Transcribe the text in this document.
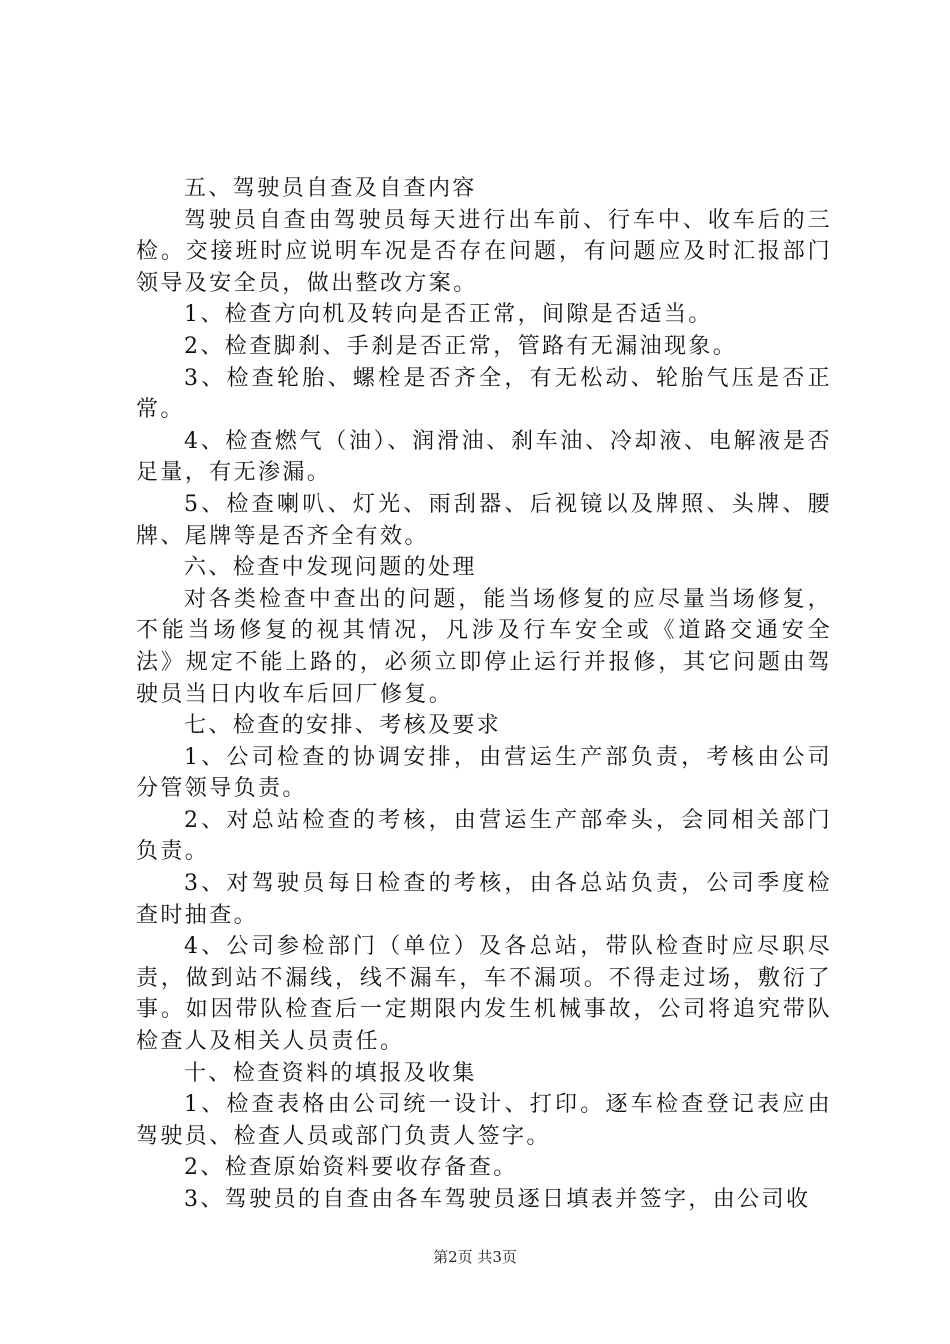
五、驾驶员自查及自查内容

驾驶员自查由驾驶员每天进行出车前、行车中、收车后的三检。交接班时应说明车况是否存在问题，有问题应及时汇报部门领导及安全员，做出整改方案。

1、检查方向机及转向是否正常，间隙是否适当。

2、检查脚刹、手刹是否正常，管路有无漏油现象。

3、检查轮胎、螺栓是否齐全，有无松动、轮胎气压是否正常。

4、检查燃气（油）、润滑油、刹车油、冷却液、电解液是否足量，有无渗漏。

5、检查喇叭、灯光、雨刮器、后视镜以及牌照、头牌、腰牌、尾牌等是否齐全有效。

六、检查中发现问题的处理

对各类检查中查出的问题，能当场修复的应尽量当场修复，不能当场修复的视其情况，凡涉及行车安全或《道路交通安全法》规定不能上路的，必须立即停止运行并报修，其它问题由驾驶员当日内收车后回厂修复。

七、检查的安排、考核及要求

1、公司检查的协调安排，由营运生产部负责，考核由公司分管领导负责。

2、对总站检查的考核，由营运生产部牵头，会同相关部门负责。

3、对驾驶员每日检查的考核，由各总站负责，公司季度检查时抽查。

4、公司参检部门（单位）及各总站，带队检查时应尽职尽责，做到站不漏线，线不漏车，车不漏项。不得走过场，敷衍了事。如因带队检查后一定期限内发生机械事故，公司将追究带队检查人及相关人员责任。

十、检查资料的填报及收集

1、检查表格由公司统一设计、打印。逐车检查登记表应由驾驶员、检查人员或部门负责人签字。

2、检查原始资料要收存备查。

3、驾驶员的自查由各车驾驶员逐日填表并签字，由公司收

第2页 共3页
